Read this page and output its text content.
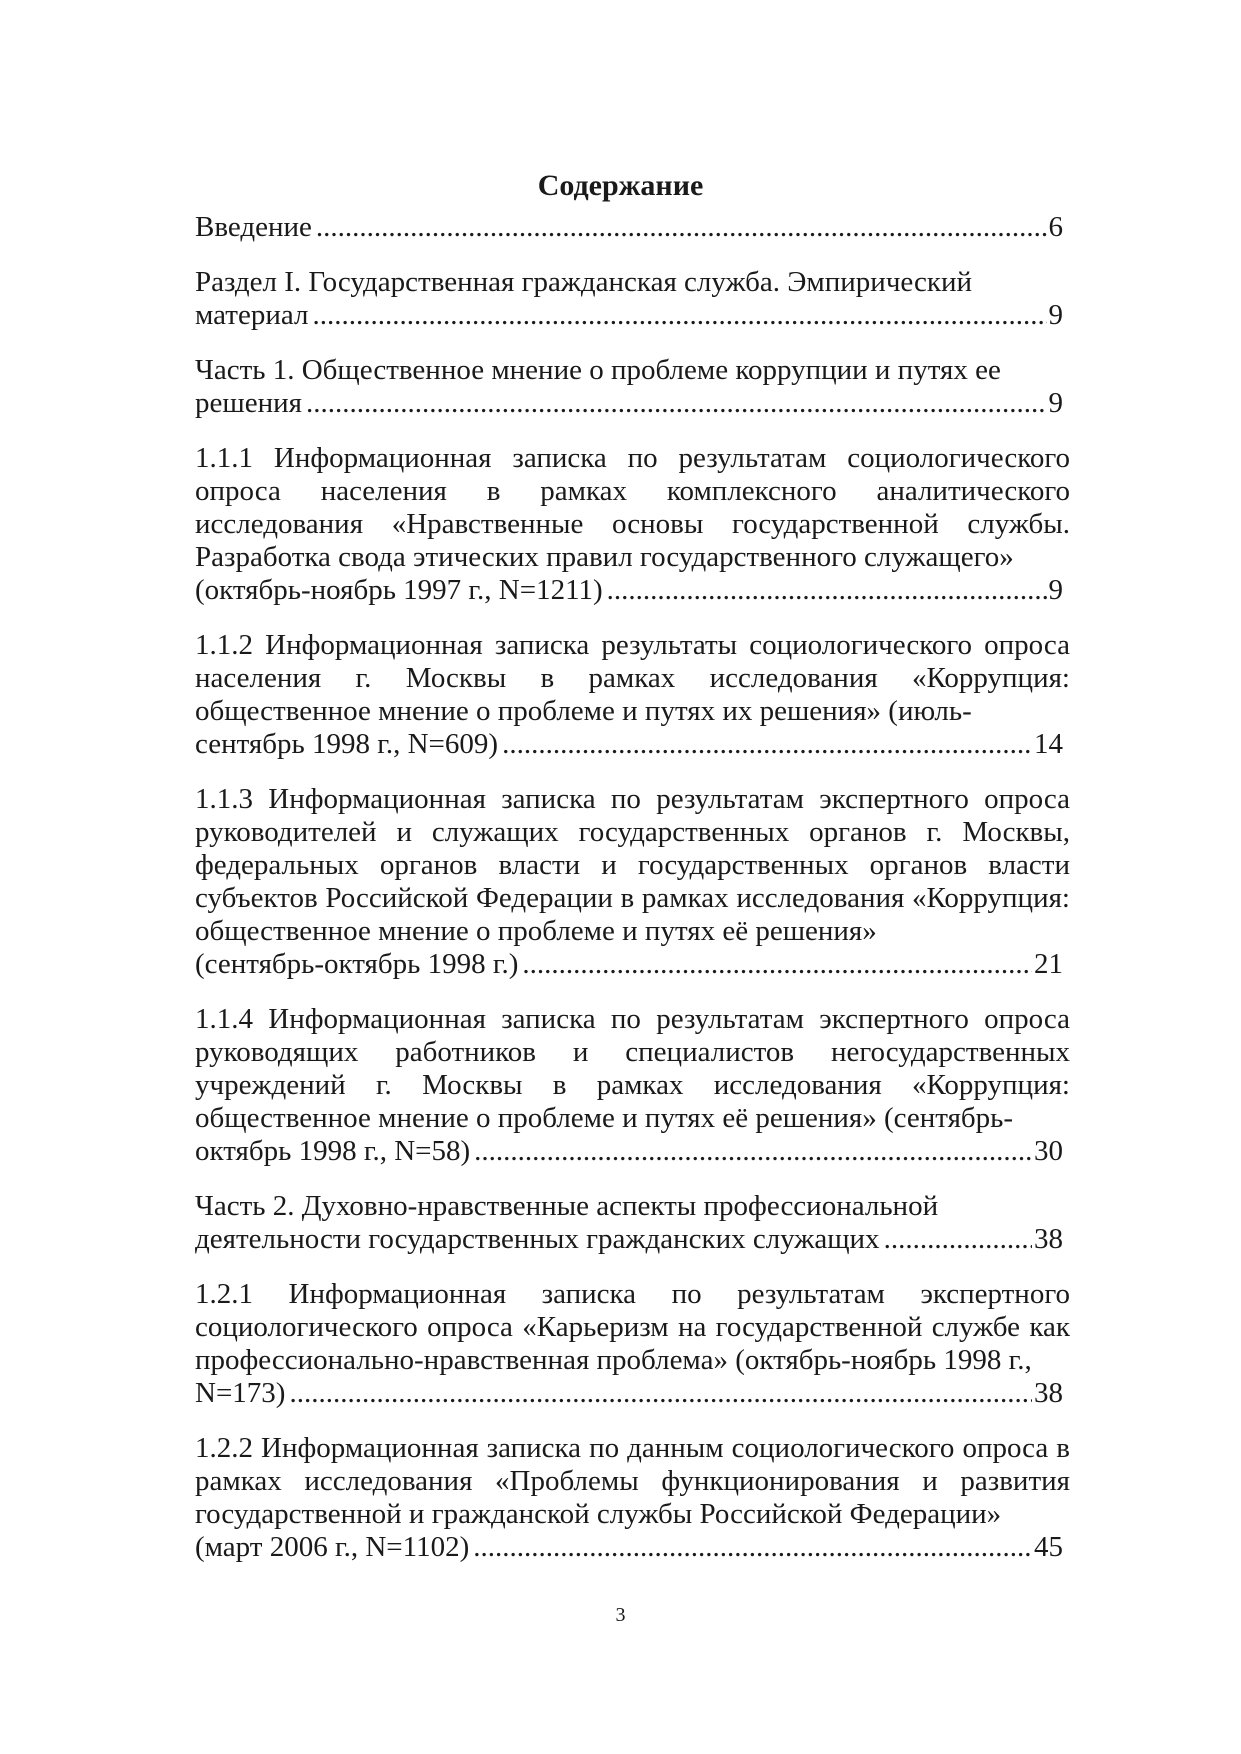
Содержание
Введение .....	6
Раздел I. Государственная гражданская служба. Эмпирический
материал .....	9
Часть 1. Общественное мнение о проблеме коррупции и путях ее
решения .....	9
1.1.1 Информационная записка по результатам социологического опроса населения в рамках комплексного аналитического исследования «Нравственные основы государственной службы. Разработка свода этических правил государственного служащего»
(октябрь-ноябрь 1997 г., N=1211) .....	9
1.1.2 Информационная записка результаты социологического опроса населения г. Москвы в рамках исследования «Коррупция: общественное мнение о проблеме и путях их решения» (июль-
сентябрь 1998 г., N=609) .....	14
1.1.3 Информационная записка по результатам экспертного опроса руководителей и служащих государственных органов г. Москвы, федеральных органов власти и государственных органов власти субъектов Российской Федерации в рамках исследования «Коррупция: общественное мнение о проблеме и путях её решения»
(сентябрь-октябрь 1998 г.) .....	21
1.1.4 Информационная записка по результатам экспертного опроса руководящих работников и специалистов негосударственных учреждений г. Москвы в рамках исследования «Коррупция: общественное мнение о проблеме и путях её решения» (сентябрь-
октябрь 1998 г., N=58) .....	30
Часть 2. Духовно-нравственные аспекты профессиональной
деятельности государственных гражданских служащих .....	38
1.2.1 Информационная записка по результатам экспертного социологического опроса «Карьеризм на государственной службе как профессионально-нравственная проблема» (октябрь-ноябрь 1998 г.,
N=173) .....	38
1.2.2 Информационная записка по данным социологического опроса в рамках исследования «Проблемы функционирования и развития государственной и гражданской службы Российской Федерации»
(март 2006 г., N=1102) .....	45
3
